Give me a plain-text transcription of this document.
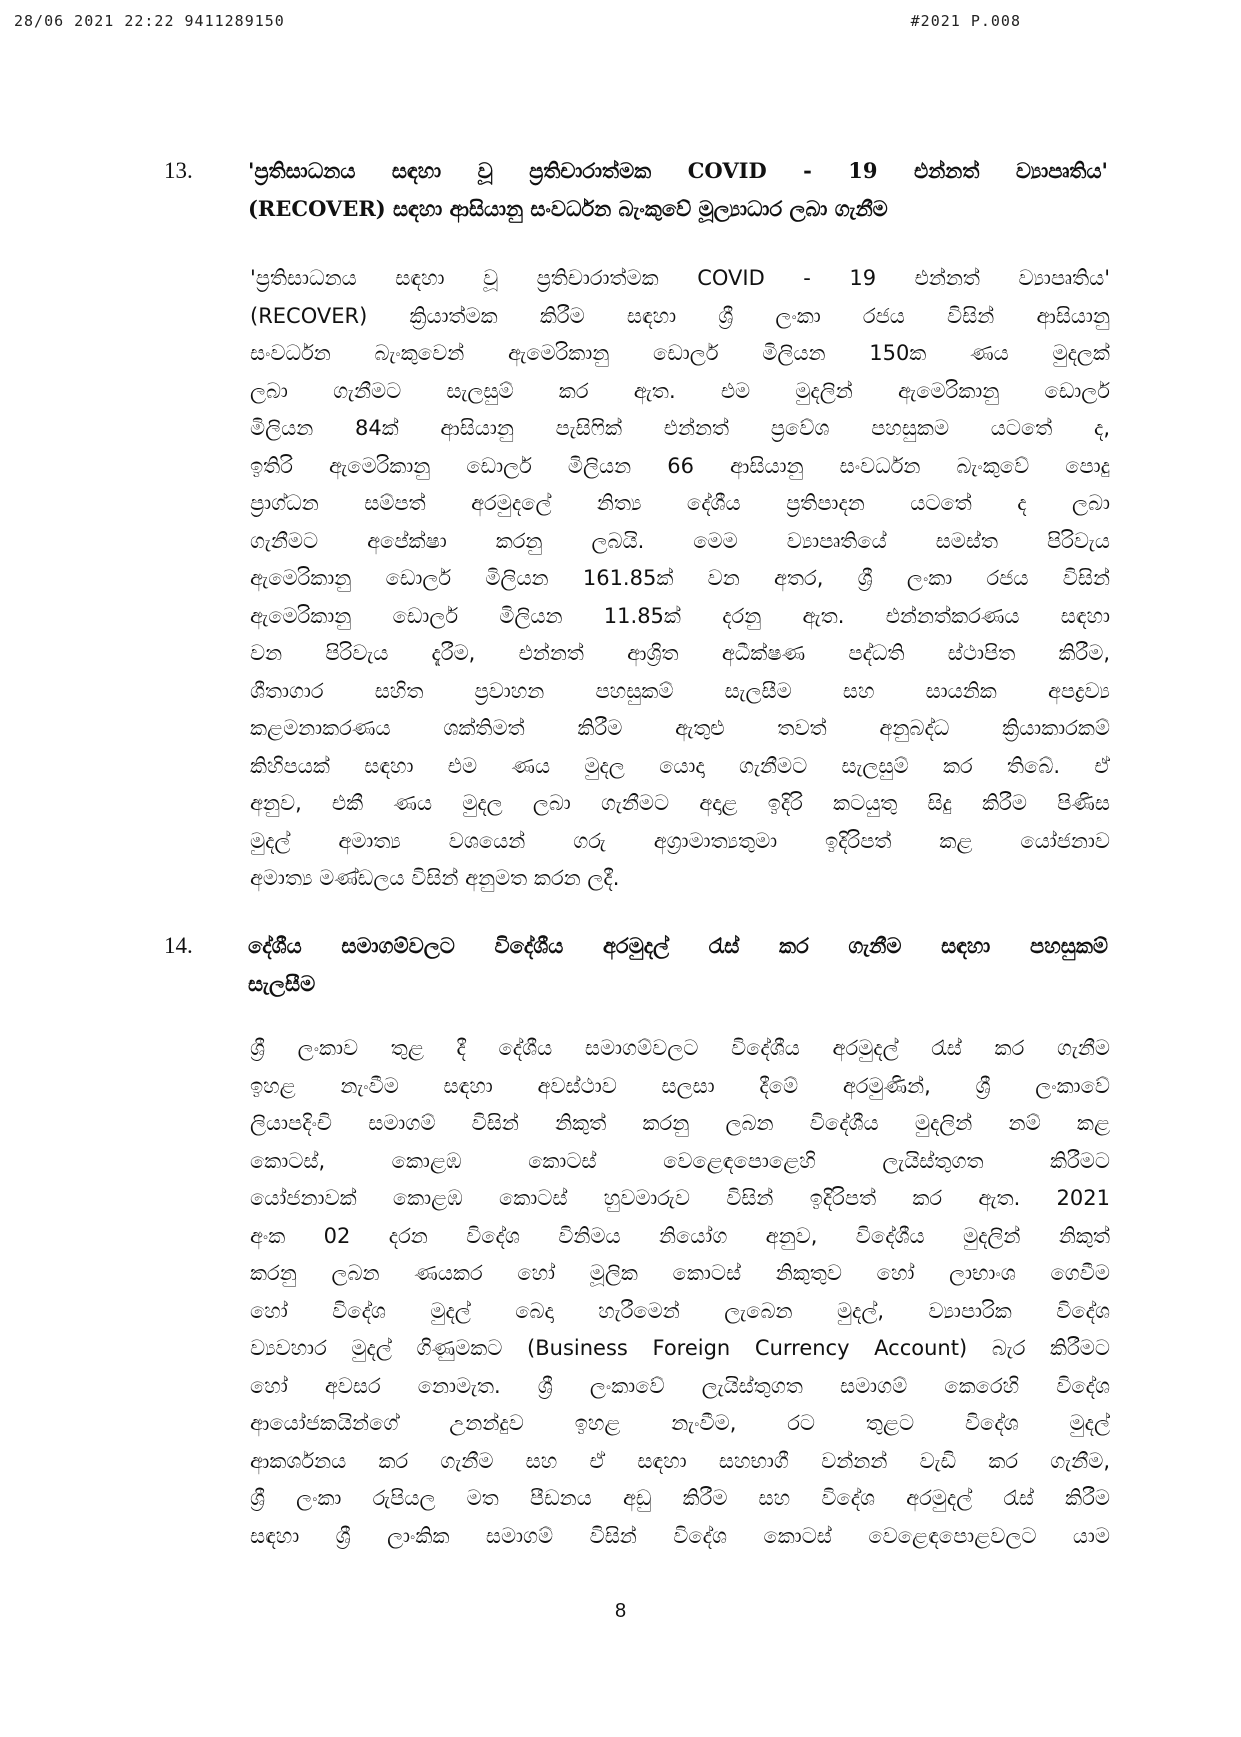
28/06 2021 22:22 9411289150	#2021 P.008
13.	'ප්‍රතිසාධනය සඳහා වූ ප්‍රතිචාරාත්මක COVID - 19 එන්නත් ව්‍යාපෘතිය'
(RECOVER) සඳහා ආසියානු සංවර්ධන බැංකුවේ මූල්‍යාධාර ලබා ගැනීම
'ප්‍රතිසාධනය සඳහා වූ ප්‍රතිචාරාත්මක COVID - 19 එන්නත් ව්‍යාපෘතිය'
(RECOVER) ක්‍රියාත්මක කිරීම සඳහා ශ්‍රී ලංකා රජය විසින් ආසියානු
සංවර්ධන බැංකුවෙන් ඇමෙරිකානු ඩොලර් මිලියන 150ක ණය මුදලක්
ලබා ගැනීමට සැලසුම් කර ඇත. එම මුදලින් ඇමෙරිකානු ඩොලර්
මිලියන 84ක් ආසියානු පැසිෆික් එන්නත් ප්‍රවේශ පහසුකම යටතේ ද,
ඉතිරි ඇමෙරිකානු ඩොලර් මිලියන 66 ආසියානු සංවර්ධන බැංකුවේ පොදු
ප්‍රාග්ධන සම්පත් අරමුදලේ නිත්‍ය දේශීය ප්‍රතිපාදන යටතේ ද ලබා
ගැනීමට අපේක්ෂා කරනු ලබයි. මෙම ව්‍යාපෘතියේ සමස්ත පිරිවැය
ඇමෙරිකානු ඩොලර් මිලියන 161.85ක් වන අතර, ශ්‍රී ලංකා රජය විසින්
ඇමෙරිකානු ඩොලර් මිලියන 11.85ක් දරනු ඇත. එන්නත්කරණය සඳහා
වන පිරිවැය දැරීම, එන්නත් ආශ්‍රිත අධීක්ෂණ පද්ධති ස්ථාපිත කිරීම,
ශීතාගාර සහිත ප්‍රවාහන පහසුකම් සැලසීම සහ සායනික අපද්‍රව්‍ය
කළමනාකරණය ශක්තිමත් කිරීම ඇතුළු තවත් අනුබද්ධ ක්‍රියාකාරකම්
කිහිපයක් සඳහා එම ණය මුදල යොදා ගැනීමට සැලසුම් කර තිබේ. ඒ
අනුව, එකී ණය මුදල ලබා ගැනීමට අදාළ ඉදිරි කටයුතු සිදු කිරීම පිණිස
මුදල් අමාත්‍ය වශයෙන් ගරු අග්‍රාමාත්‍යතුමා ඉදිරිපත් කළ යෝජනාව
අමාත්‍ය මණ්ඩලය විසින් අනුමත කරන ලදී.
14.	දේශීය සමාගම්වලට විදේශීය අරමුදල් රැස් කර ගැනීම සඳහා පහසුකම්
සැලසීම
ශ්‍රී ලංකාව තුළ දී දේශීය සමාගම්වලට විදේශීය අරමුදල් රැස් කර ගැනීම
ඉහළ නැංවීම සඳහා අවස්ථාව සලසා දීමේ අරමුණින්, ශ්‍රී ලංකාවේ
ලියාපදිංචි සමාගම් විසින් නිකුත් කරනු ලබන විදේශීය මුදලින් නම් කළ
කොටස්, කොළඹ කොටස් වෙළෙඳපොළෙහි ලැයිස්තුගත කිරීමට
යෝජනාවක් කොළඹ කොටස් හුවමාරුව විසින් ඉදිරිපත් කර ඇත. 2021
අංක 02 දරන විදේශ විනිමය නියෝග අනුව, විදේශීය මුදලින් නිකුත්
කරනු ලබන ණයකර හෝ මූලික කොටස් නිකුතුව හෝ ලාභාංශ ගෙවීම
හෝ විදේශ මුදල් බෙදා හැරීමෙන් ලැබෙන මුදල්, ව්‍යාපාරික විදේශ
ව්‍යවහාර මුදල් ගිණුමකට (Business Foreign Currency Account) බැර කිරීමට
හෝ අවසර නොමැත. ශ්‍රී ලංකාවේ ලැයිස්තුගත සමාගම් කෙරෙහි විදේශ
ආයෝජකයින්ගේ උනන්දුව ඉහළ නැංවීම, රට තුළට විදේශ මුදල්
ආකර්ශනය කර ගැනීම සහ ඒ සඳහා සහභාගී වන්නන් වැඩි කර ගැනීම,
ශ්‍රී ලංකා රුපියල මත පීඩනය අඩු කිරීම සහ විදේශ අරමුදල් රැස් කිරීම
සඳහා ශ්‍රී ලාංකික සමාගම් විසින් විදේශ කොටස් වෙළෙඳපොළවලට යාම
8
